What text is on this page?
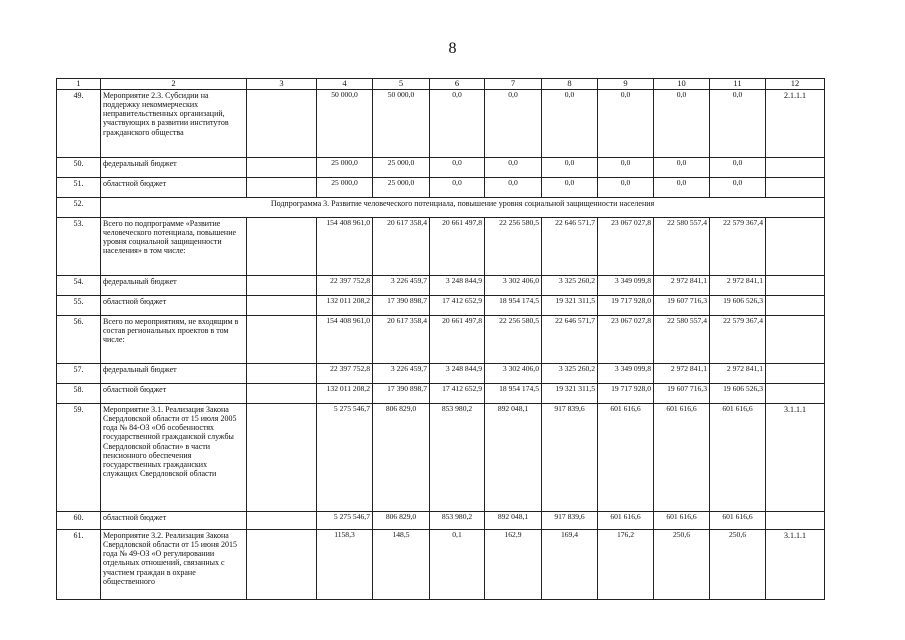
8
1	2	3	4	5	6	7	8	9	10	11	12
49.	Мероприятие 2.3. Субсидии на поддержку некоммерческих неправительственных организаций, участвующих в развитии институтов гражданского общества		50 000,0	50 000,0	0,0	0,0	0,0	0,0	0,0	0,0	2.1.1.1
50.	федеральный бюджет		25 000,0	25 000,0	0,0	0,0	0,0	0,0	0,0	0,0	
51.	областной бюджет		25 000,0	25 000,0	0,0	0,0	0,0	0,0	0,0	0,0	
52.	Подпрограмма 3. Развитие человеческого потенциала, повышение уровня социальной защищенности населения										
53.	Всего по подпрограмме «Развитие человеческого потенциала, повышение уровня социальной защищенности населения» в том числе:		154 408 961,0	20 617 358,4	20 661 497,8	22 256 580,5	22 646 571,7	23 067 027,8	22 580 557,4	22 579 367,4	
54.	федеральный бюджет		22 397 752,8	3 226 459,7	3 248 844,9	3 302 406,0	3 325 260,2	3 349 099,8	2 972 841,1	2 972 841,1	
55.	областной бюджет		132 011 208,2	17 390 898,7	17 412 652,9	18 954 174,5	19 321 311,5	19 717 928,0	19 607 716,3	19 606 526,3	
56.	Всего по мероприятиям, не входящим в состав региональных проектов в том числе:		154 408 961,0	20 617 358,4	20 661 497,8	22 256 580,5	22 646 571,7	23 067 027,8	22 580 557,4	22 579 367,4	
57.	федеральный бюджет		22 397 752,8	3 226 459,7	3 248 844,9	3 302 406,0	3 325 260,2	3 349 099,8	2 972 841,1	2 972 841,1	
58.	областной бюджет		132 011 208,2	17 390 898,7	17 412 652,9	18 954 174,5	19 321 311,5	19 717 928,0	19 607 716,3	19 606 526,3	
59.	Мероприятие 3.1. Реализация Закона Свердловской области от 15 июля 2005 года № 84-ОЗ «Об особенностях государственной гражданской службы Свердловской области» в части пенсионного обеспечения государственных гражданских служащих Свердловской области		5 275 546,7	806 829,0	853 980,2	892 048,1	917 839,6	601 616,6	601 616,6	601 616,6	3.1.1.1
60.	областной бюджет		5 275 546,7	806 829,0	853 980,2	892 048,1	917 839,6	601 616,6	601 616,6	601 616,6	
61.	Мероприятие 3.2. Реализация Закона Свердловской области от 15 июня 2015 года № 49-ОЗ «О регулировании отдельных отношений, связанных с участием граждан в охране общественного		1158,3	148,5	0,1	162,9	169,4	176,2	250,6	250,6	3.1.1.1
